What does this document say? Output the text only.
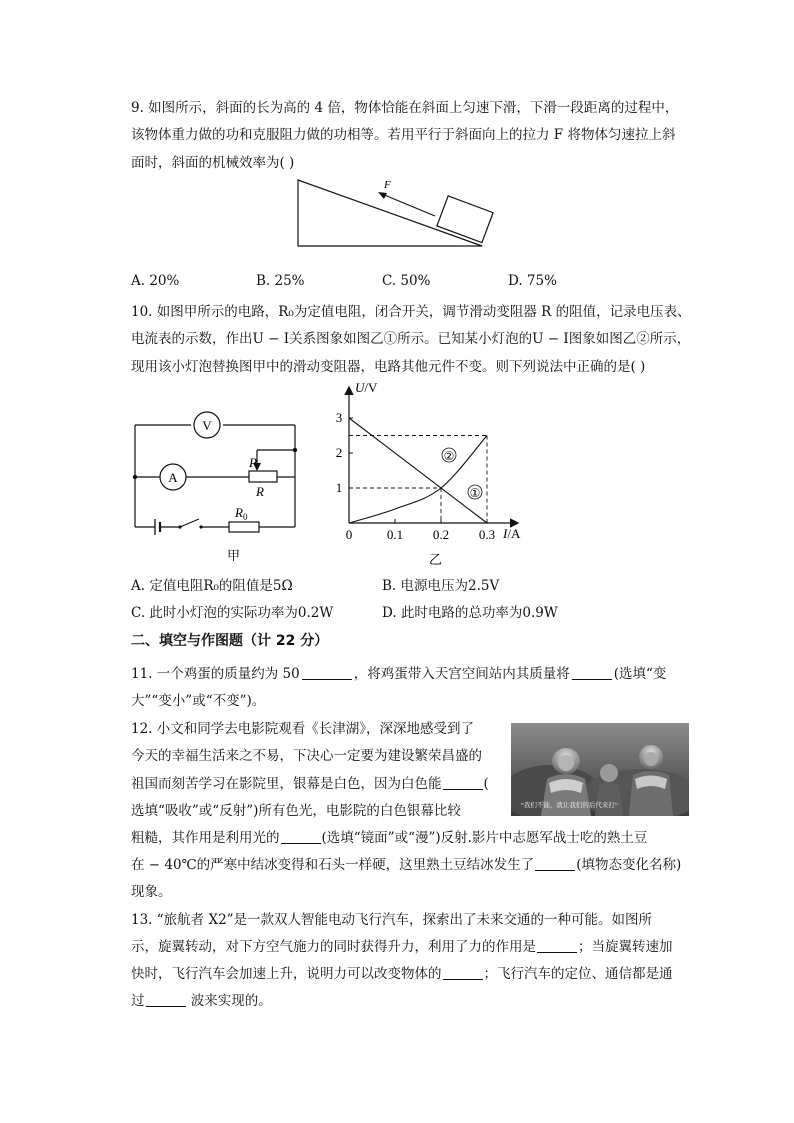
9. 如图所示，斜面的长为高的 4 倍，物体恰能在斜面上匀速下滑，下滑一段距离的过程中，
该物体重力做的功和克服阻力做的功相等。若用平行于斜面向上的拉力 F 将物体匀速拉上斜
面时，斜面的机械效率为( )
F
A. 20%	B. 25%	C. 50%	D. 75%
10. 如图甲所示的电路，R₀为定值电阻，闭合开关，调节滑动变阻器 R 的阻值，记录电压表、
电流表的示数，作出U − I关系图象如图乙①所示。已知某小灯泡的U − I图象如图乙②所示，
现用该小灯泡替换图甲中的滑动变阻器，电路其他元件不变。则下列说法中正确的是( )
$R_0$
V
A
P
R
甲
U/V
I/A
3
2
1
0	0.1 0.2 0.3
②
①
乙
A. 定值电阻R₀的阻值是5Ω	B. 电源电压为2.5V
C. 此时小灯泡的实际功率为0.2W	D. 此时电路的总功率为0.9W
二、填空与作图题（计 22 分）
11. 一个鸡蛋的质量约为 50	，将鸡蛋带入天宫空间站内其质量将	(选填“变
大”“变小”或“不变”)。
12. 小文和同学去电影院观看《长津湖》，深深地感受到了
今天的幸福生活来之不易，下决心一定要为建设繁荣昌盛的
祖国而刻苦学习在影院里，银幕是白色，因为白色能	(
选填“吸收”或“反射”)所有色光，电影院的白色银幕比较
粗糙，其作用是利用光的	(选填“镜面”或“漫”)反射.影片中志愿军战士吃的熟土豆
在 − 40℃的严寒中结冰变得和石头一样硬，这里熟土豆结冰发生了	(填物态变化名称)
现象。
“我们不能，就让我们的后代来打”
13. “旅航者 X2”是一款双人智能电动飞行汽车，探索出了未来交通的一种可能。如图所
示，旋翼转动，对下方空气施力的同时获得升力，利用了力的作用是	；当旋翼转速加
快时，飞行汽车会加速上升，说明力可以改变物体的	；飞行汽车的定位、通信都是通
过	波来实现的。
